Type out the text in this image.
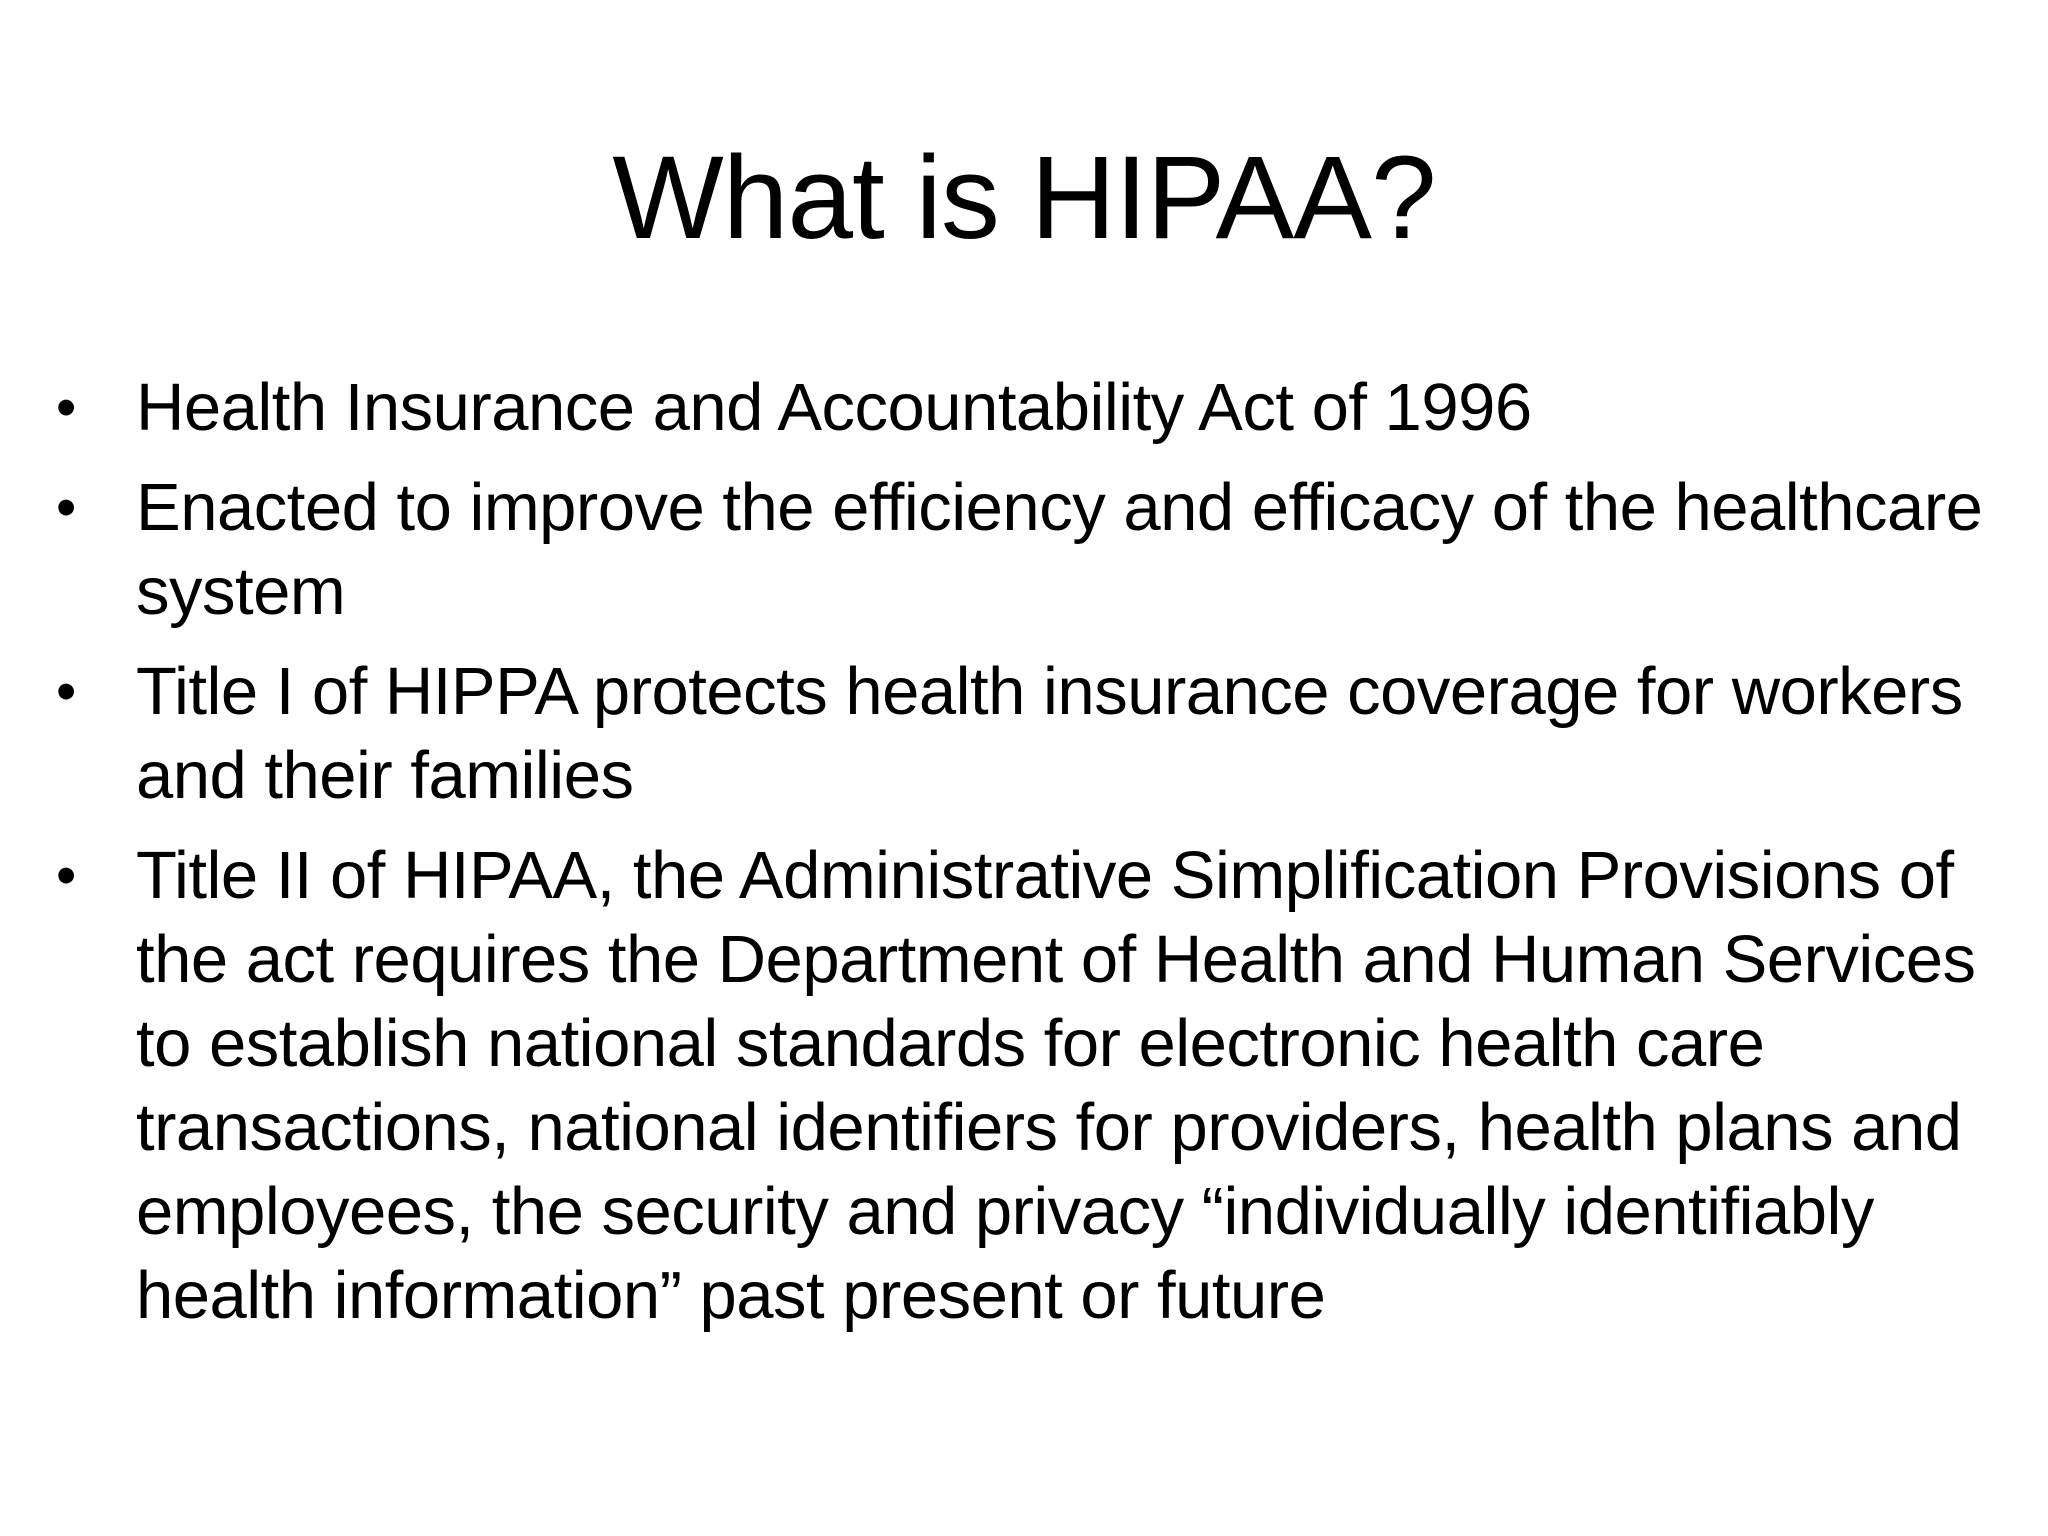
What is HIPAA?
• Health Insurance and Accountability Act of 1996
• Enacted to improve the efficiency and efficacy of the healthcare system
• Title I of HIPPA protects health insurance coverage for workers and their families
• Title II of HIPAA, the Administrative Simplification Provisions of the act requires the Department of Health and Human Services to establish national standards for electronic health care transactions, national identifiers for providers, health plans and employees, the security and privacy “individually identifiably health information” past present or future
